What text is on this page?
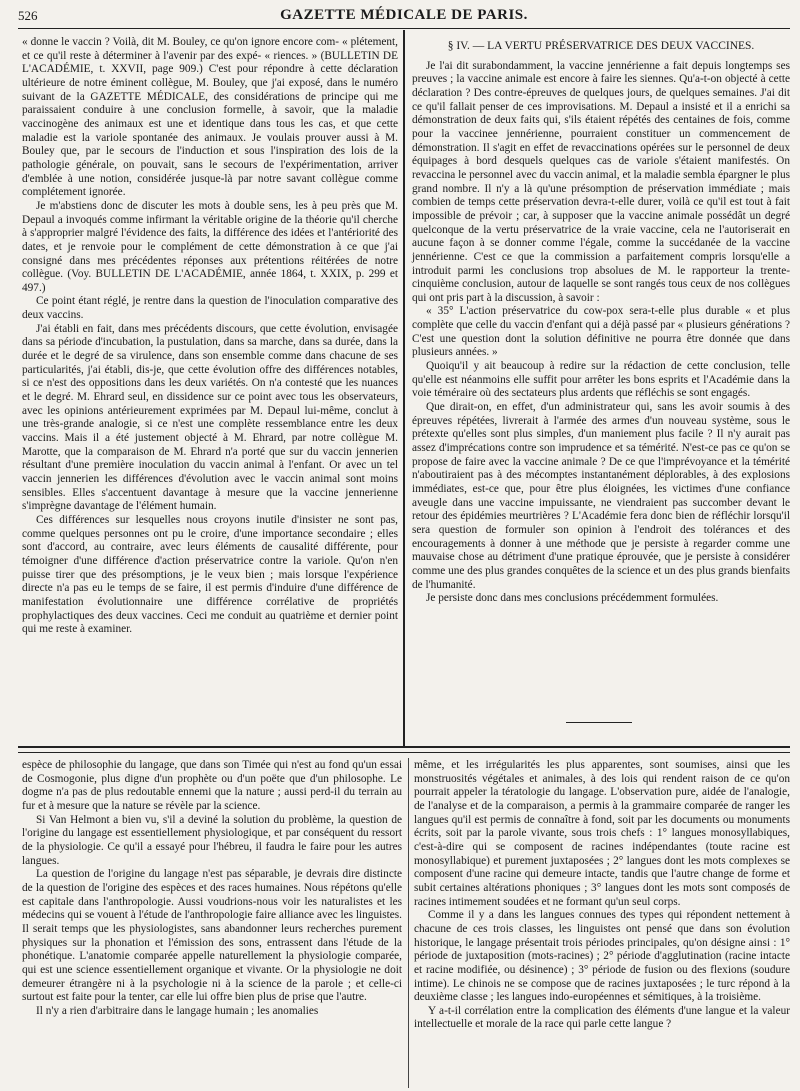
526	GAZETTE MÉDICALE DE PARIS.

« donne le vaccin ? Voilà, dit M. Bouley, ce qu'on ignore encore com- « plétement, et ce qu'il reste à déterminer à l'avenir par des expé- « riences. » (BULLETIN DE L'ACADÉMIE, t. XXVII, page 909.) C'est pour répondre à cette déclaration ultérieure de notre éminent collègue, M. Bouley, que j'ai exposé, dans le numéro suivant de la GAZETTE MÉDICALE, des considérations de principe qui me paraissaient conduire à une conclusion formelle, à savoir, que la maladie vaccinogène des animaux est une et identique dans tous les cas, et que cette maladie est la variole spontanée des animaux. Je voulais prouver aussi à M. Bouley que, par le secours de l'induction et sous l'inspiration des lois de la pathologie générale, on pouvait, sans le secours de l'expérimentation, arriver d'emblée à une notion, considérée jusque-là par notre savant collègue comme complétement ignorée.

Je m'abstiens donc de discuter les mots à double sens, les à peu près que M. Depaul a invoqués comme infirmant la véritable origine de la théorie qu'il cherche à s'approprier malgré l'évidence des faits, la différence des idées et l'antériorité des dates, et je renvoie pour le complément de cette démonstration à ce que j'ai consigné dans mes précédentes réponses aux prétentions réitérées de notre collègue. (Voy. BULLETIN DE L'ACADÉMIE, année 1864, t. XXIX, p. 299 et 497.)

Ce point étant réglé, je rentre dans la question de l'inoculation comparative des deux vaccins.

J'ai établi en fait, dans mes précédents discours, que cette évolution, envisagée dans sa période d'incubation, la pustulation, dans sa marche, dans sa durée, dans la durée et le degré de sa virulence, dans son ensemble comme dans chacune de ses particularités, j'ai établi, dis-je, que cette évolution offre des différences notables, si ce n'est des oppositions dans les deux variétés. On n'a contesté que les nuances et le degré. M. Ehrard seul, en dissidence sur ce point avec tous les observateurs, avec les opinions antérieurement exprimées par M. Depaul lui-même, conclut à une très-grande analogie, si ce n'est une complète ressemblance entre les deux vaccins. Mais il a été justement objecté à M. Ehrard, par notre collègue M. Marotte, que la comparaison de M. Ehrard n'a porté que sur du vaccin jennerien résultant d'une première inoculation du vaccin animal à l'enfant. Or avec un tel vaccin jennerien les différences d'évolution avec le vaccin animal sont moins sensibles. Elles s'accentuent davantage à mesure que la vaccine jennerienne s'imprègne davantage de l'élément humain.

Ces différences sur lesquelles nous croyons inutile d'insister ne sont pas, comme quelques personnes ont pu le croire, d'une importance secondaire ; elles sont d'accord, au contraire, avec leurs éléments de causalité différente, pour témoigner d'une différence d'action préservatrice contre la variole. Qu'on n'en puisse tirer que des présomptions, je le veux bien ; mais lorsque l'expérience directe n'a pas eu le temps de se faire, il est permis d'induire d'une différence de manifestation évolutionnaire une différence corrélative de propriétés prophylactiques des deux vaccines. Ceci me conduit au quatrième et dernier point qui me reste à examiner.

§ IV. — LA VERTU PRÉSERVATRICE DES DEUX VACCINES.

Je l'ai dit surabondamment, la vaccine jennérienne a fait depuis longtemps ses preuves ; la vaccine animale est encore à faire les siennes. Qu'a-t-on objecté à cette déclaration ? Des contre-épreuves de quelques jours, de quelques semaines. J'ai dit ce qu'il fallait penser de ces improvisations. M. Depaul a insisté et il a enrichi sa démonstration de deux faits qui, s'ils étaient répétés des centaines de fois, comme pour la vaccinee jennérienne, pourraient constituer un commencement de démonstration. Il s'agit en effet de revaccinations opérées sur le personnel de deux équipages à bord desquels quelques cas de variole s'étaient manifestés. On revaccina le personnel avec du vaccin animal, et la maladie sembla épargner le plus grand nombre. Il n'y a là qu'une présomption de préservation immédiate ; mais combien de temps cette préservation devra-t-elle durer, voilà ce qu'il est tout à fait impossible de prévoir ; car, à supposer que la vaccine animale possédât un degré quelconque de la vertu préservatrice de la vraie vaccine, cela ne l'autoriserait en aucune façon à se donner comme l'égale, comme la succédanée de la vaccine jennérienne. C'est ce que la commission a parfaitement compris lorsqu'elle a introduit parmi les conclusions trop absolues de M. le rapporteur la trente-cinquième conclusion, autour de laquelle se sont rangés tous ceux de nos collègues qui ont pris part à la discussion, à savoir :

« 35° L'action préservatrice du cow-pox sera-t-elle plus durable « et plus complète que celle du vaccin d'enfant qui a déjà passé par « plusieurs générations ? C'est une question dont la solution définitive ne pourra être donnée que dans plusieurs années. »

Quoiqu'il y ait beaucoup à redire sur la rédaction de cette conclusion, telle qu'elle est néanmoins elle suffit pour arrêter les bons esprits et l'Académie dans la voie téméraire où des sectateurs plus ardents que réfléchis se sont engagés.

Que dirait-on, en effet, d'un administrateur qui, sans les avoir soumis à des épreuves répétées, livrerait à l'armée des armes d'un nouveau système, sous le prétexte qu'elles sont plus simples, d'un maniement plus facile ? Il n'y aurait pas assez d'imprécations contre son imprudence et sa témérité. N'est-ce pas ce qu'on se propose de faire avec la vaccine animale ? De ce que l'imprévoyance et la témérité n'aboutiraient pas à des mécomptes instantanément déplorables, à des explosions immédiates, est-ce que, pour être plus éloignées, les victimes d'une confiance aveugle dans une vaccine impuissante, ne viendraient pas succomber devant le retour des épidémies meurtrières ? L'Académie fera donc bien de réfléchir lorsqu'il sera question de formuler son opinion à l'endroit des tolérances et des encouragements à donner à une méthode que je persiste à regarder comme une mauvaise chose au détriment d'une pratique éprouvée, que je persiste à considérer comme une des plus grandes conquêtes de la science et un des plus grands bienfaits de l'humanité.

Je persiste donc dans mes conclusions précédemment formulées.

espèce de philosophie du langage, que dans son Timée qui n'est au fond qu'un essai de Cosmogonie, plus digne d'un prophète ou d'un poëte que d'un philosophe. Le dogme n'a pas de plus redoutable ennemi que la nature ; aussi perd-il du terrain au fur et à mesure que la nature se révèle par la science.

Si Van Helmont a bien vu, s'il a deviné la solution du problème, la question de l'origine du langage est essentiellement physiologique, et par conséquent du ressort de la physiologie. Ce qu'il a essayé pour l'hébreu, il faudra le faire pour les autres langues.

La question de l'origine du langage n'est pas séparable, je devrais dire distincte de la question de l'origine des espèces et des races humaines. Nous répétons qu'elle est capitale dans l'anthropologie. Aussi voudrions-nous voir les naturalistes et les médecins qui se vouent à l'étude de l'anthropologie faire alliance avec les linguistes. Il serait temps que les physiologistes, sans abandonner leurs recherches purement physiques sur la phonation et l'émission des sons, entrassent dans l'étude de la phonétique. L'anatomie comparée appelle naturellement la physiologie comparée, qui est une science essentiellement organique et vivante. Or la physiologie ne doit demeurer étrangère ni à la psychologie ni à la science de la parole ; et celle-ci surtout est faite pour la tenter, car elle lui offre bien plus de prise que l'autre.

Il n'y a rien d'arbitraire dans le langage humain ; les anomalies

même, et les irrégularités les plus apparentes, sont soumises, ainsi que les monstruosités végétales et animales, à des lois qui rendent raison de ce qu'on pourrait appeler la tératologie du langage. L'observation pure, aidée de l'analogie, de l'analyse et de la comparaison, a permis à la grammaire comparée de ranger les langues qu'il est permis de connaître à fond, soit par les documents ou monuments écrits, soit par la parole vivante, sous trois chefs : 1° langues monosyllabiques, c'est-à-dire qui se composent de racines indépendantes (toute racine est monosyllabique) et purement juxtaposées ; 2° langues dont les mots complexes se composent d'une racine qui demeure intacte, tandis que l'autre change de forme et subit certaines altérations phoniques ; 3° langues dont les mots sont composés de racines intimement soudées et ne formant qu'un seul corps.

Comme il y a dans les langues connues des types qui répondent nettement à chacune de ces trois classes, les linguistes ont pensé que dans son évolution historique, le langage présentait trois périodes principales, qu'on désigne ainsi : 1° période de juxtaposition (mots-racines) ; 2° période d'agglutination (racine intacte et racine modifiée, ou désinence) ; 3° période de fusion ou des flexions (soudure intime). Le chinois ne se compose que de racines juxtaposées ; le turc répond à la deuxième classe ; les langues indo-européennes et sémitiques, à la troisième.

Y a-t-il corrélation entre la complication des éléments d'une langue et la valeur intellectuelle et morale de la race qui parle cette langue ?
